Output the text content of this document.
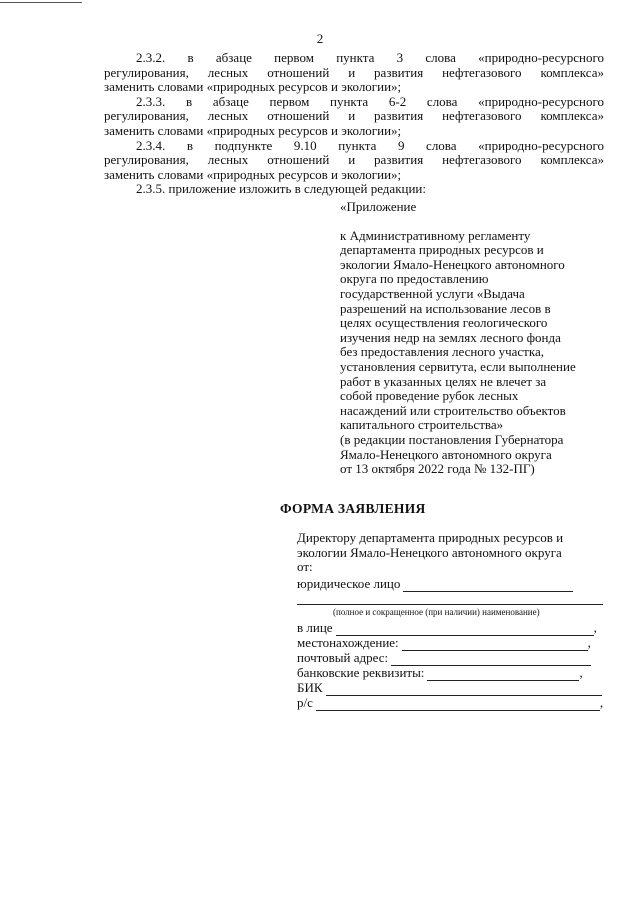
2

2.3.2. в абзаце первом пункта 3 слова «природно-ресурсного
регулирования, лесных отношений и развития нефтегазового комплекса»
заменить словами «природных ресурсов и экологии»;

2.3.3. в абзаце первом пункта 6-2 слова «природно-ресурсного
регулирования, лесных отношений и развития нефтегазового комплекса»
заменить словами «природных ресурсов и экологии»;

2.3.4. в подпункте 9.10 пункта 9 слова «природно-ресурсного
регулирования, лесных отношений и развития нефтегазового комплекса»
заменить словами «природных ресурсов и экологии»;

2.3.5. приложение изложить в следующей редакции:

«Приложение
к Административному регламенту
департамента природных ресурсов и
экологии Ямало-Ненецкого автономного
округа по предоставлению
государственной услуги «Выдача
разрешений на использование лесов в
целях осуществления геологического
изучения недр на землях лесного фонда
без предоставления лесного участка,
установления сервитута, если выполнение
работ в указанных целях не влечет за
собой проведение рубок лесных
насаждений или строительство объектов
капитального строительства»
(в редакции постановления Губернатора
Ямало-Ненецкого автономного округа
от 13 октября 2022 года № 132-ПГ)
ФОРМА ЗАЯВЛЕНИЯ
Директору департамента природных ресурсов и
экологии Ямало-Ненецкого автономного округа
от:
юридическое лицо
(полное и сокращенное (при наличии) наименование)
в лице	,
местонахождение:	,
почтовый адрес:
банковские реквизиты:	,
БИК
р/с	,
